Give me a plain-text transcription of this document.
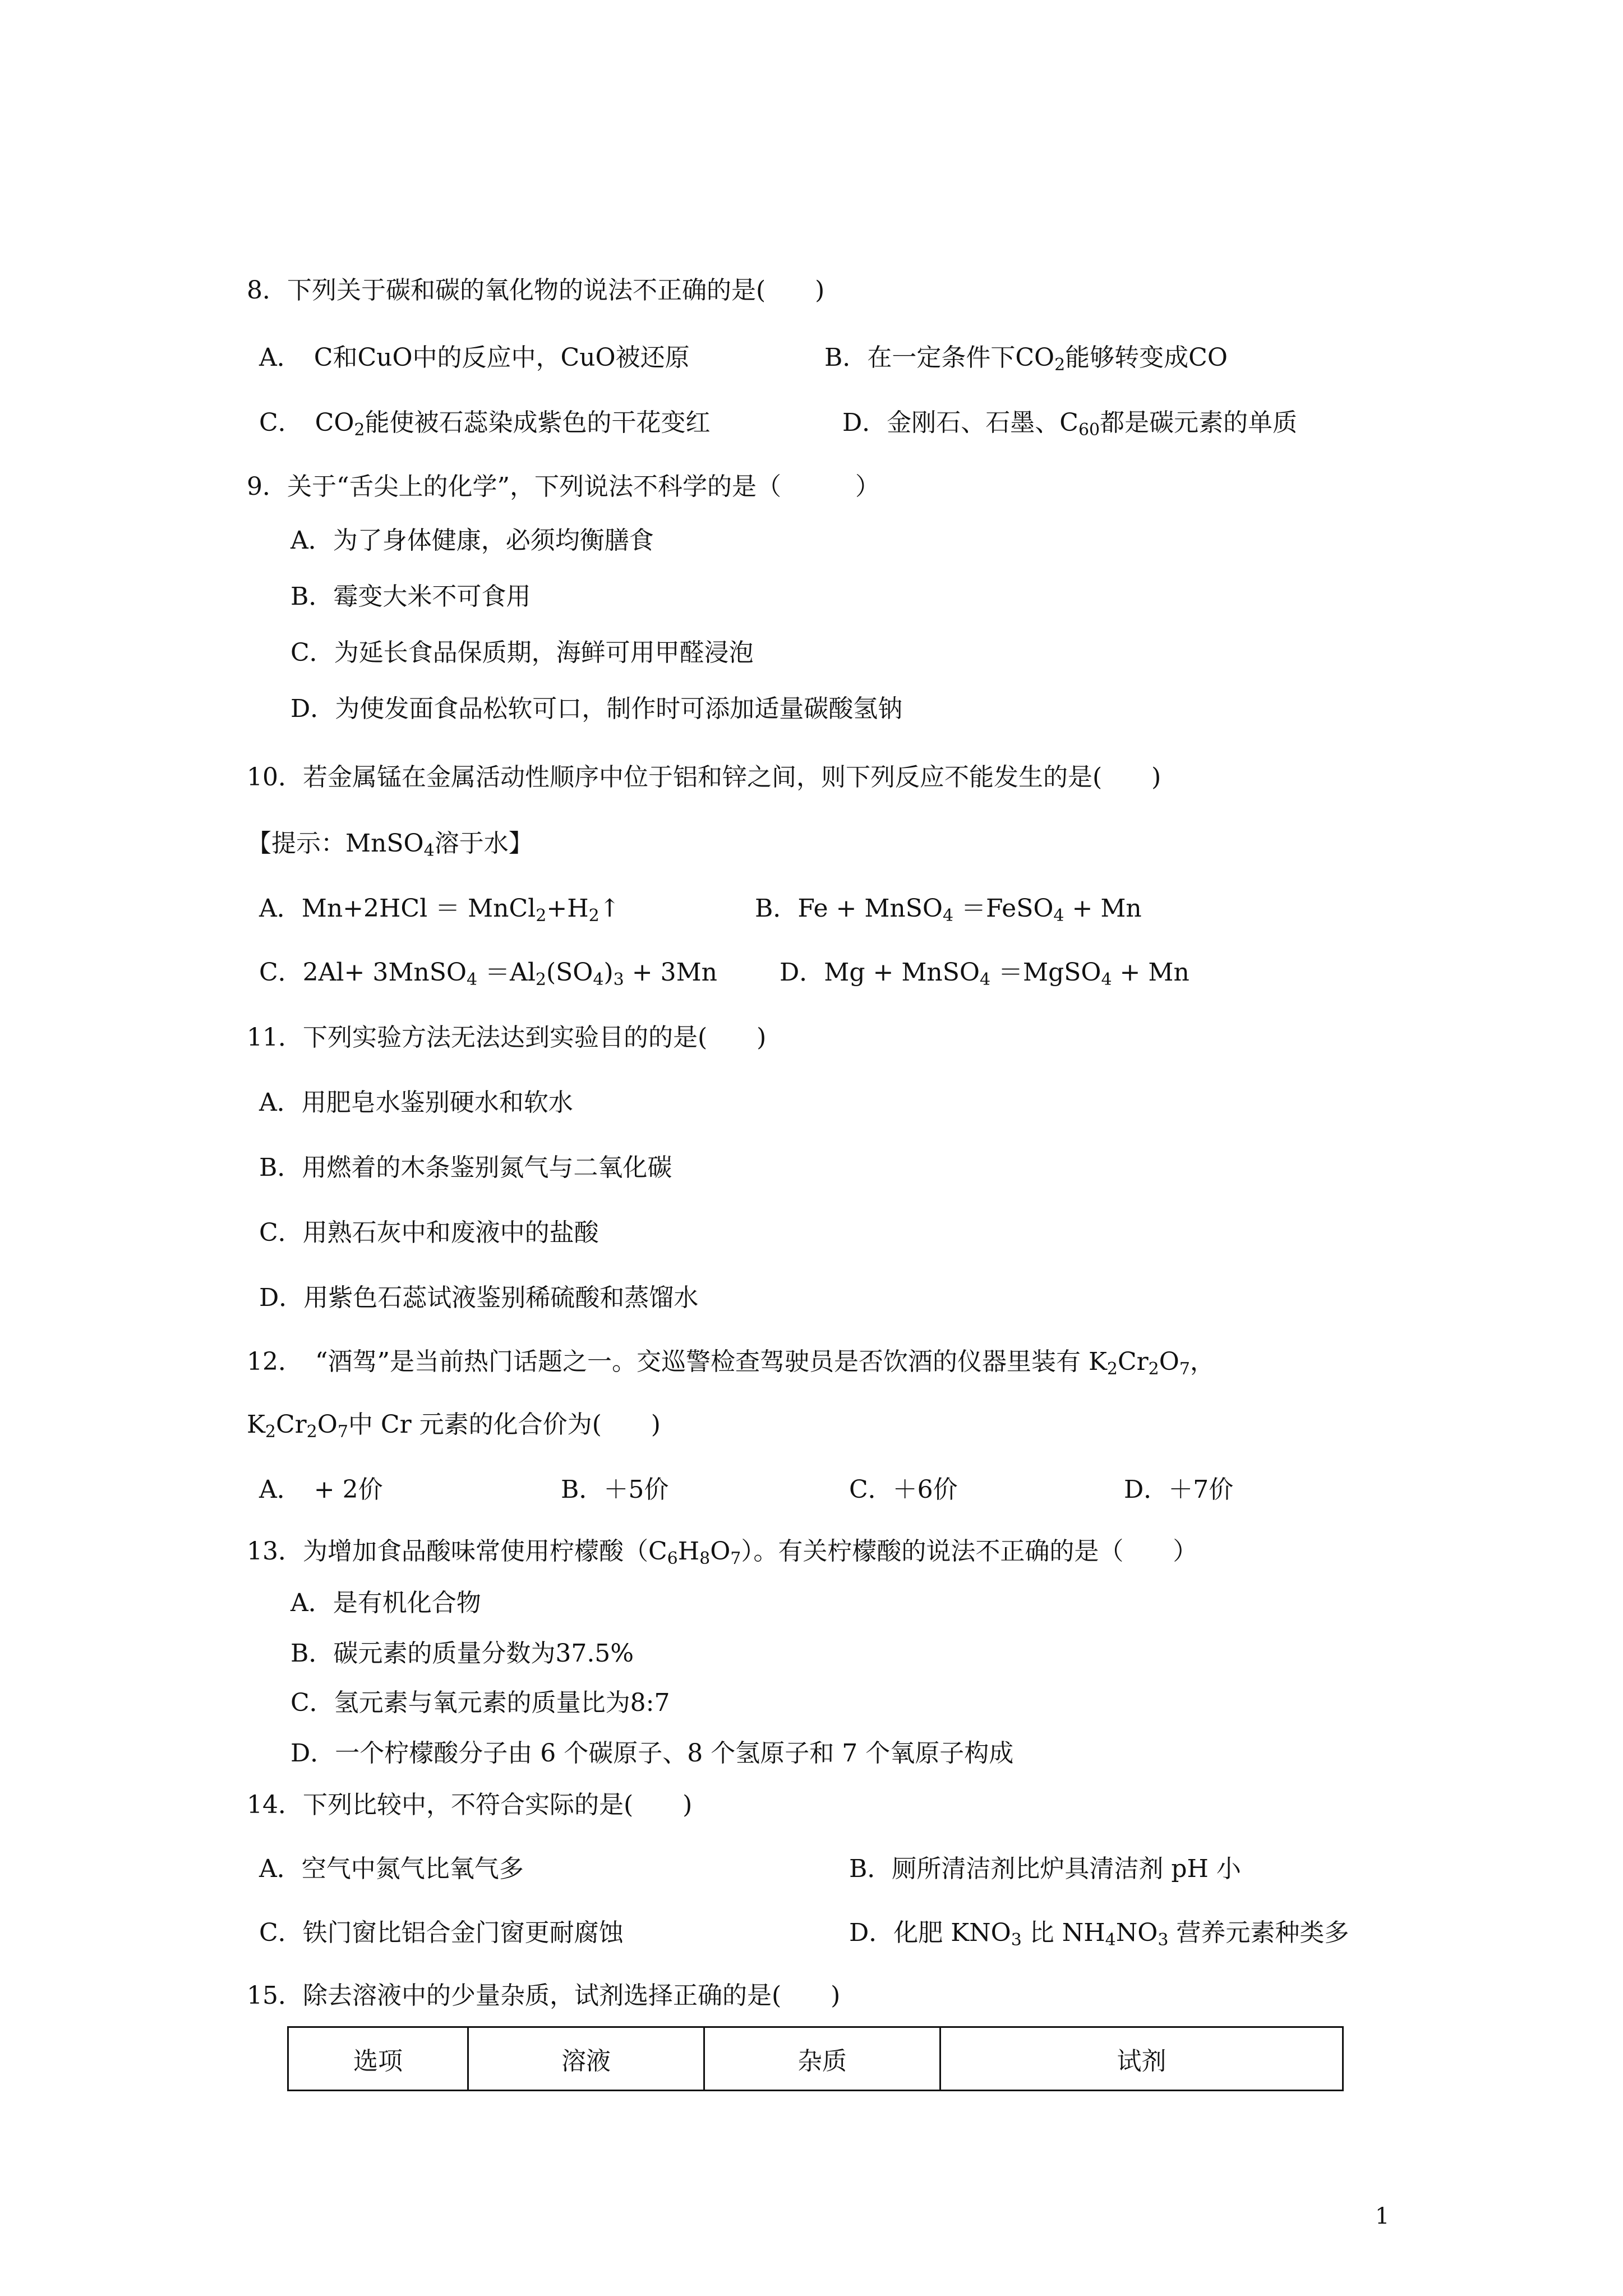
8．下列关于碳和碳的氧化物的说法不正确的是(　　)
A．　C和CuO中的反应中，CuO被还原	B．在一定条件下$CO_2$能够转变成CO
C．　$CO_2$能使被石蕊染成紫色的干花变红	D．金刚石、石墨、$C_{60}$都是碳元素的单质
9．关于“舌尖上的化学”，下列说法不科学的是（　　　）
A．为了身体健康，必须均衡膳食
B．霉变大米不可食用
C．为延长食品保质期，海鲜可用甲醛浸泡
D．为使发面食品松软可口，制作时可添加适量碳酸氢钠
10．若金属锰在金属活动性顺序中位于铝和锌之间，则下列反应不能发生的是(　　)
【提示：MnSO$_4$溶于水】
A．$Mn+2HCl = MnCl_2+H_2↑$	B．Fe + MnSO$_4$ ＝FeSO$_4$ + Mn
C．2Al+ 3MnSO$_4$ $=Al_2(SO_4)_3 + 3Mn$	D．Mg + MnSO$_4$ ＝MgSO$_4$ + Mn
11．下列实验方法无法达到实验目的的是(　　)
A．用肥皂水鉴别硬水和软水
B．用燃着的木条鉴别氮气与二氧化碳
C．用熟石灰中和废液中的盐酸
D．用紫色石蕊试液鉴别稀硫酸和蒸馏水
12．　“酒驾”是当前热门话题之一。交巡警检查驾驶员是否饮酒的仪器里装有 $K_2Cr_2O_7$，
$K_2Cr_2O_7$中 Cr 元素的化合价为(　　)
A．　+ 2价	B．＋5价	C．＋6价	D．＋7价
13．为增加食品酸味常使用柠檬酸$(C_6H_8O_7)$。有关柠檬酸的说法不正确的是（　　）
A．是有机化合物
B．碳元素的质量分数为37.5%
C．氢元素与氧元素的质量比为8:7
D．一个柠檬酸分子由 6 个碳原子、8 个氢原子和 7 个氧原子构成
14．下列比较中，不符合实际的是(　　)
A．空气中氮气比氧气多	B．厕所清洁剂比炉具清洁剂 pH 小
C．铁门窗比铝合金门窗更耐腐蚀	D．化肥 $KNO_3$ 比 $NH_4NO_3$ 营养元素种类多
15．除去溶液中的少量杂质，试剂选择正确的是(　　)
选项	溶液	杂质	试剂
1
